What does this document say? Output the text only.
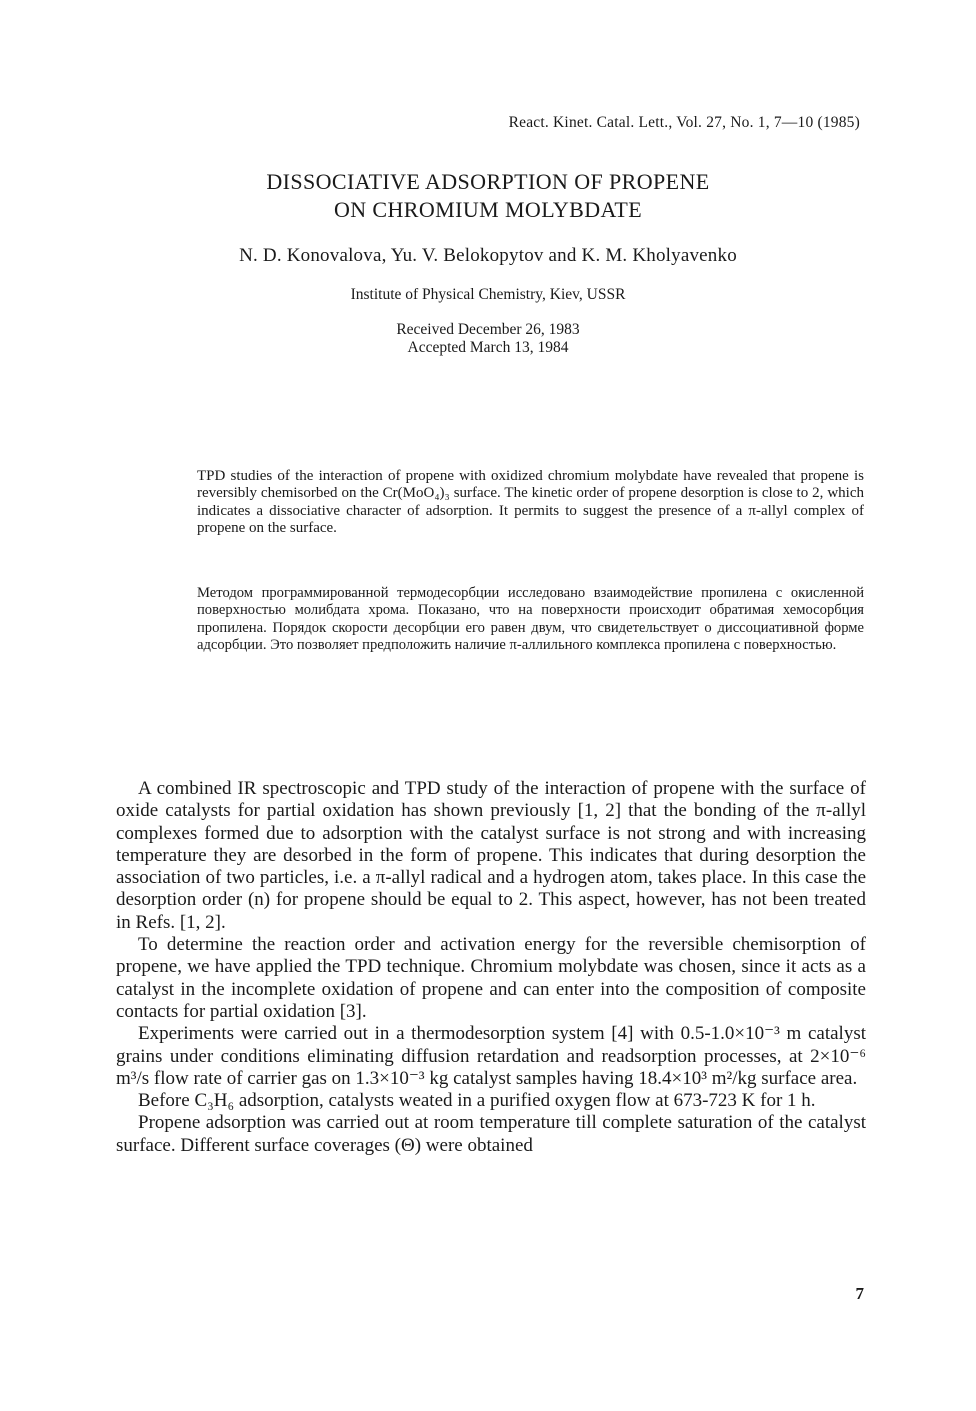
React. Kinet. Catal. Lett., Vol. 27, No. 1, 7—10 (1985)
DISSOCIATIVE ADSORPTION OF PROPENE
ON CHROMIUM MOLYBDATE
N. D. Konovalova, Yu. V. Belokopytov and K. M. Kholyavenko
Institute of Physical Chemistry, Kiev, USSR
Received December 26, 1983
Accepted March 13, 1984
TPD studies of the interaction of propene with oxidized chromium molybdate have revealed that propene is reversibly chemisorbed on the Cr(MoO₄)₃ surface. The kinetic order of propene desorption is close to 2, which indicates a dissociative character of adsorption. It permits to suggest the presence of a π-allyl complex of propene on the surface.
Методом программированной термодесорбции исследовано взаимодействие пропилена с окисленной поверхностью молибдата хрома. Показано, что на поверхности происходит обратимая хемосорбция пропилена. Порядок скорости десорбции его равен двум, что свидетельствует о диссоциативной форме адсорбции. Это позволяет предположить наличие π-аллильного комплекса пропилена с поверхностью.

A combined IR spectroscopic and TPD study of the interaction of propene with the surface of oxide catalysts for partial oxidation has shown previously [1, 2] that the bonding of the π-allyl complexes formed due to adsorption with the catalyst surface is not strong and with increasing temperature they are desorbed in the form of propene. This indicates that during desorption the association of two particles, i.e. a π-allyl radical and a hydrogen atom, takes place. In this case the desorption order (n) for propene should be equal to 2. This aspect, however, has not been treated in Refs. [1, 2].

To determine the reaction order and activation energy for the reversible chemisorption of propene, we have applied the TPD technique. Chromium molybdate was chosen, since it acts as a catalyst in the incomplete oxidation of propene and can enter into the composition of composite contacts for partial oxidation [3].

Experiments were carried out in a thermodesorption system [4] with 0.5-1.0×10⁻³ m catalyst grains under conditions eliminating diffusion retardation and readsorption processes, at 2×10⁻⁶ m³/s flow rate of carrier gas on 1.3×10⁻³ kg catalyst samples having 18.4×10³ m²/kg surface area.

Before C₃H₆ adsorption, catalysts weated in a purified oxygen flow at 673-723 K for 1 h.

Propene adsorption was carried out at room temperature till complete saturation of the catalyst surface. Different surface coverages (Θ) were obtained

7
